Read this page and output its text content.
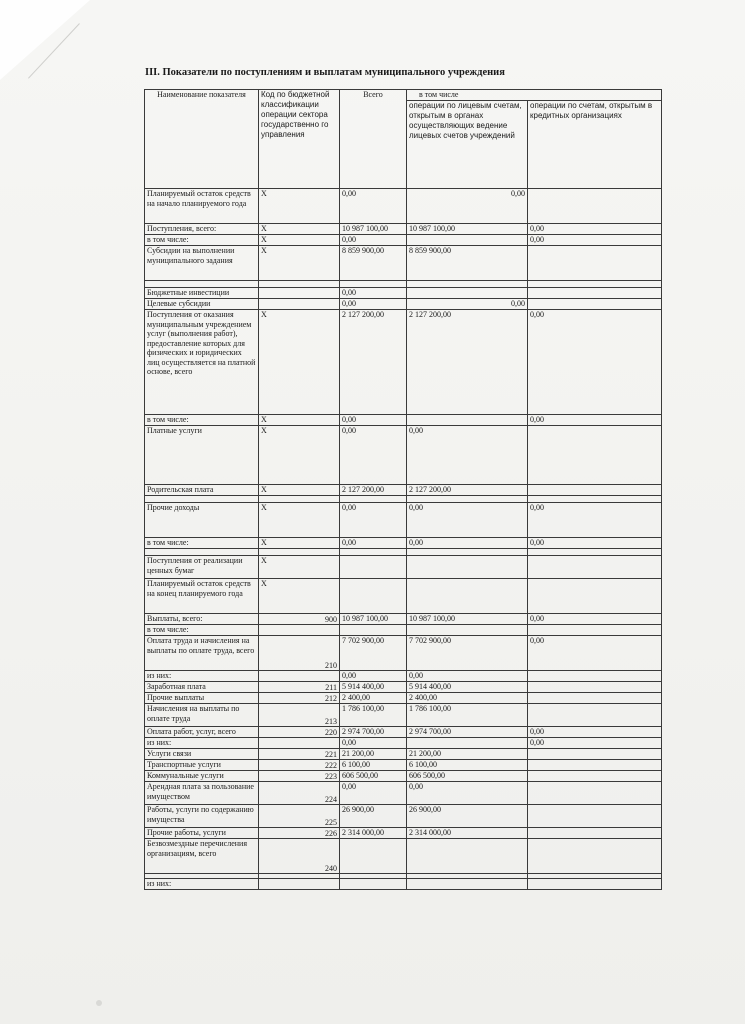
III. Показатели по поступлениям и выплатам муниципального учреждения
Наименование показателя	Код по бюджетной классификации операции сектора государственно го управления	Всего	в том числе	
			операции по лицевым счетам, открытым в органах осуществляющих ведение лицевых счетов учреждений	операции по счетам, открытым в кредитных организациях
Планируемый остаток средств на начало планируемого года	X	0,00	0,00	
Поступления, всего:	X	10 987 100,00	10 987 100,00	0,00
в том числе:	X	0,00		0,00
Субсидии на выполнении муниципального задания	X	8 859 900,00	8 859 900,00	

Бюджетные инвестиции		0,00		
Целевые субсидии		0,00	0,00	
Поступления от оказания муниципальным учреждением услуг (выполнения работ), предоставление которых для физических и юридических лиц осуществляется на платной основе, всего	X	2 127 200,00	2 127 200,00	0,00
в том числе:	X	0,00		0,00
Платные услуги	X	0,00	0,00	
Родительская плата	X	2 127 200,00	2 127 200,00	

Прочие доходы	X	0,00	0,00	0,00
в том числе:	X	0,00	0,00	0,00

Поступления от реализации ценных бумаг	X			
Планируемый остаток средств на конец планируемого года	X			
Выплаты, всего:	900	10 987 100,00	10 987 100,00	0,00
в том числе:				
Оплата труда и начисления на выплаты по оплате труда, всего	210	7 702 900,00	7 702 900,00	0,00
из них:		0,00	0,00	
Заработная плата	211	5 914 400,00	5 914 400,00	
Прочие выплаты	212	2 400,00	2 400,00	
Начисления на выплаты по оплате труда	213	1 786 100,00	1 786 100,00	
Оплата работ, услуг, всего	220	2 974 700,00	2 974 700,00	0,00
из них:		0,00		0,00
Услуги связи	221	21 200,00	21 200,00	
Транспортные услуги	222	6 100,00	6 100,00	
Коммунальные услуги	223	606 500,00	606 500,00	
Арендная плата за пользование имуществом	224	0,00	0,00	
Работы, услуги по содержанию имущества	225	26 900,00	26 900,00	
Прочие работы, услуги	226	2 314 000,00	2 314 000,00	
Безвозмездные перечисления организациям, всего	240			

из них:				
